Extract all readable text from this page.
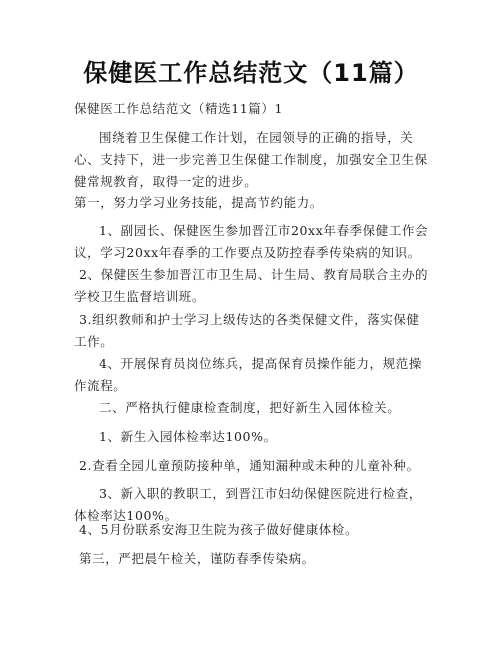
保健医工作总结范文（11篇）

保健医工作总结范文（精选11篇）1

围绕着卫生保健工作计划，在园领导的正确的指导，关心、支持下，进一步完善卫生保健工作制度，加强安全卫生保健常规教育，取得一定的进步。

第一，努力学习业务技能，提高节约能力。

1、副园长、保健医生参加晋江市20xx年春季保健工作会议，学习20xx年春季的工作要点及防控春季传染病的知识。

2、保健医生参加晋江市卫生局、计生局、教育局联合主办的学校卫生监督培训班。

3.组织教师和护士学习上级传达的各类保健文件，落实保健工作。

4、开展保育员岗位练兵，提高保育员操作能力，规范操作流程。

二、严格执行健康检查制度，把好新生入园体检关。

1、新生入园体检率达100%。

2.查看全园儿童预防接种单，通知漏种或未种的儿童补种。

3、新入职的教职工，到晋江市妇幼保健医院进行检查，体检率达100%。

4、5月份联系安海卫生院为孩子做好健康体检。

第三，严把晨午检关，谨防春季传染病。
